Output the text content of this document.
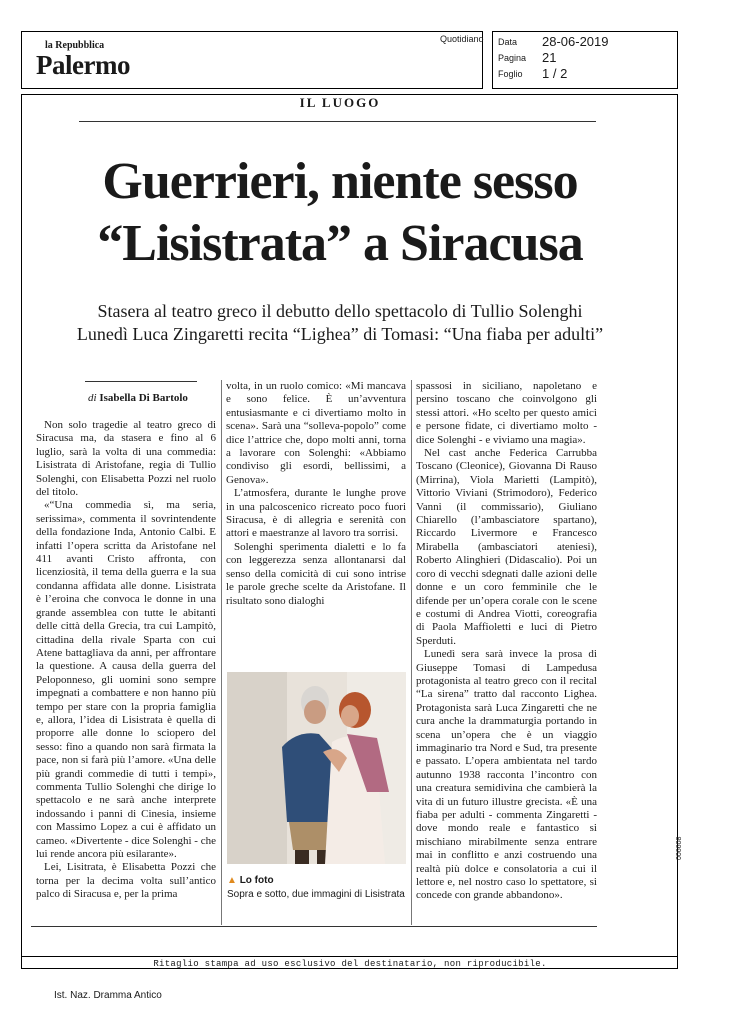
la Repubblica
Palermo
Quotidiano Data 28-06-2019
Pagina 21
Foglio 1 / 2
IL LUOGO
Guerrieri, niente sesso
“Lisistrata” a Siracusa
Stasera al teatro greco il debutto dello spettacolo di Tullio Solenghi
Lunedì Luca Zingaretti recita “Lighea” di Tomasi: “Una fiaba per adulti”
di Isabella Di Bartolo

Non solo tragedie al teatro greco di Siracusa ma, da stasera e fino al 6 luglio, sarà la volta di una commedia: Lisistrata di Aristofane, regia di Tullio Solenghi, con Elisabetta Pozzi nel ruolo del titolo.

«“Una commedia sì, ma seria, serissima», commenta il sovrintendente della fondazione Inda, Antonio Calbi. E infatti l’opera scritta da Aristofane nel 411 avanti Cristo affronta, con licenziosità, il tema della guerra e la sua condanna affidata alle donne. Lisistrata è l’eroina che convoca le donne in una grande assemblea con tutte le abitanti delle città della Grecia, tra cui Lampitò, cittadina della rivale Sparta con cui Atene battagliava da anni, per affrontare la questione. A causa della guerra del Peloponneso, gli uomini sono sempre impegnati a combattere e non hanno più tempo per stare con la propria famiglia e, allora, l’idea di Lisistrata è quella di proporre alle donne lo sciopero del sesso: fino a quando non sarà firmata la pace, non si farà più l’amore. «Una delle più grandi commedie di tutti i tempi», commenta Tullio Solenghi che dirige lo spettacolo e ne sarà anche interprete indossando i panni di Cinesia, insieme con Massimo Lopez a cui è affidato un cameo. «Divertente - dice Solenghi - che lui rende ancora più esilarante».

Lei, Lisitrata, è Elisabetta Pozzi che torna per la decima volta sull’antico palco di Siracusa e, per la prima

volta, in un ruolo comico: «Mi mancava e sono felice. È un’avventura entusiasmante e ci divertiamo molto in scena». Sarà una “solleva-popolo” come dice l’attrice che, dopo molti anni, torna a lavorare con Solenghi: «Abbiamo condiviso gli esordi, bellissimi, a Genova».

L’atmosfera, durante le lunghe prove in una palcoscenico ricreato poco fuori Siracusa, è di allegria e serenità con attori e maestranze al lavoro tra sorrisi.

Solenghi sperimenta dialetti e lo fa con leggerezza senza allontanarsi dal senso della comicità di cui sono intrise le parole greche scelte da Aristofane. Il risultato sono dialoghi

▲ Lo foto
Sopra e sotto, due immagini di Lisistrata

spassosi in siciliano, napoletano e persino toscano che coinvolgono gli stessi attori. «Ho scelto per questo amici e persone fidate, ci divertiamo molto - dice Solenghi - e viviamo una magia».

Nel cast anche Federica Carrubba Toscano (Cleonice), Giovanna Di Rauso (Mirrina), Viola Marietti (Lampitò), Vittorio Viviani (Strimodoro), Federico Vanni (il commissario), Giuliano Chiarello (l’ambasciatore spartano), Riccardo Livermore e Francesco Mirabella (ambasciatori ateniesi), Roberto Alinghieri (Didascalio). Poi un coro di vecchi sdegnati dalle azioni delle donne e un coro femminile che le difende per un’opera corale con le scene e costumi di Andrea Viotti, coreografia di Paola Maffioletti e luci di Pietro Sperduti.

Lunedì sera sarà invece la prosa di Giuseppe Tomasi di Lampedusa protagonista al teatro greco con il recital “La sirena” tratto dal racconto Lighea. Protagonista sarà Luca Zingaretti che ne cura anche la drammaturgia portando in scena un’opera che è un viaggio immaginario tra Nord e Sud, tra presente e passato. L’opera ambientata nel tardo autunno 1938 racconta l’incontro con una creatura semidivina che cambierà la vita di un futuro illustre grecista. «È una fiaba per adulti - commenta Zingaretti - dove mondo reale e fantastico si mischiano mirabilmente senza entrare mai in conflitto e anzi costruendo una realtà più dolce e consolatoria a cui il lettore e, nel nostro caso lo spettatore, si concede con grande abbandono».

006608
Ritaglio stampa ad uso esclusivo del destinatario, non riproducibile.
Ist. Naz. Dramma Antico
